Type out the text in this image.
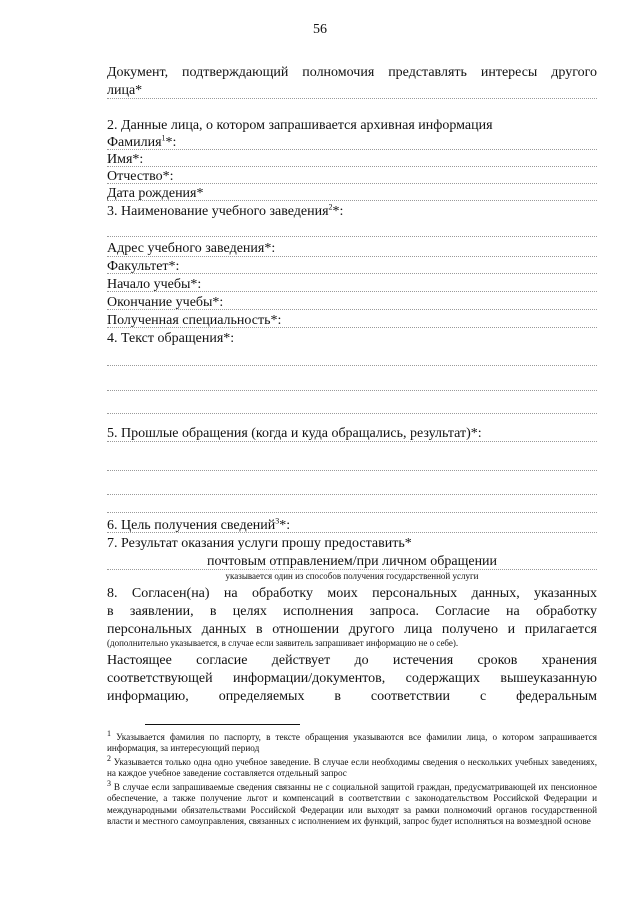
56
Документ, подтверждающий полномочия представлять интересы другого
лица*
2. Данные лица, о котором запрашивается архивная информация
Фамилия$^1$*:
Имя*:
Отчество*:
Дата рождения*
3. Наименование учебного заведения$^2$*:
Адрес учебного заведения*:
Факультет*:
Начало учебы*:
Окончание учебы*:
Полученная специальность*:
4. Текст обращения*:
5. Прошлые обращения (когда и куда обращались, результат)*:
6. Цель получения сведений$^3$*:
7. Результат оказания услуги прошу предоставить*
почтовым отправлением/при личном обращении
указывается один из способов получения государственной услуги
8. Согласен(на) на обработку моих персональных данных, указанных
в заявлении, в целях исполнения запроса. Согласие на обработку
персональных данных в отношении другого лица получено и прилагается
(дополнительно указывается, в случае если заявитель запрашивает информацию не о себе).
Настоящее согласие действует до истечения сроков хранения
соответствующей информации/документов, содержащих вышеуказанную
информацию, определяемых в соответствии с федеральным
$^1$ Указывается фамилия по паспорту, в тексте обращения указываются все фамилии лица, о котором запрашивается информация, за интересующий период
$^2$ Указывается только одна одно учебное заведение. В случае если необходимы сведения о нескольких учебных заведениях, на каждое учебное заведение составляется отдельный запрос
$^3$ В случае если запрашиваемые сведения связанны не с социальной защитой граждан, предусматривающей их пенсионное обеспечение, а также получение льгот и компенсаций в соответствии с законодательством Российской Федерации и международными обязательствами Российской Федерации или выходят за рамки полномочий органов государственной власти и местного самоуправления, связанных с исполнением их функций, запрос будет исполняться на возмездной основе
